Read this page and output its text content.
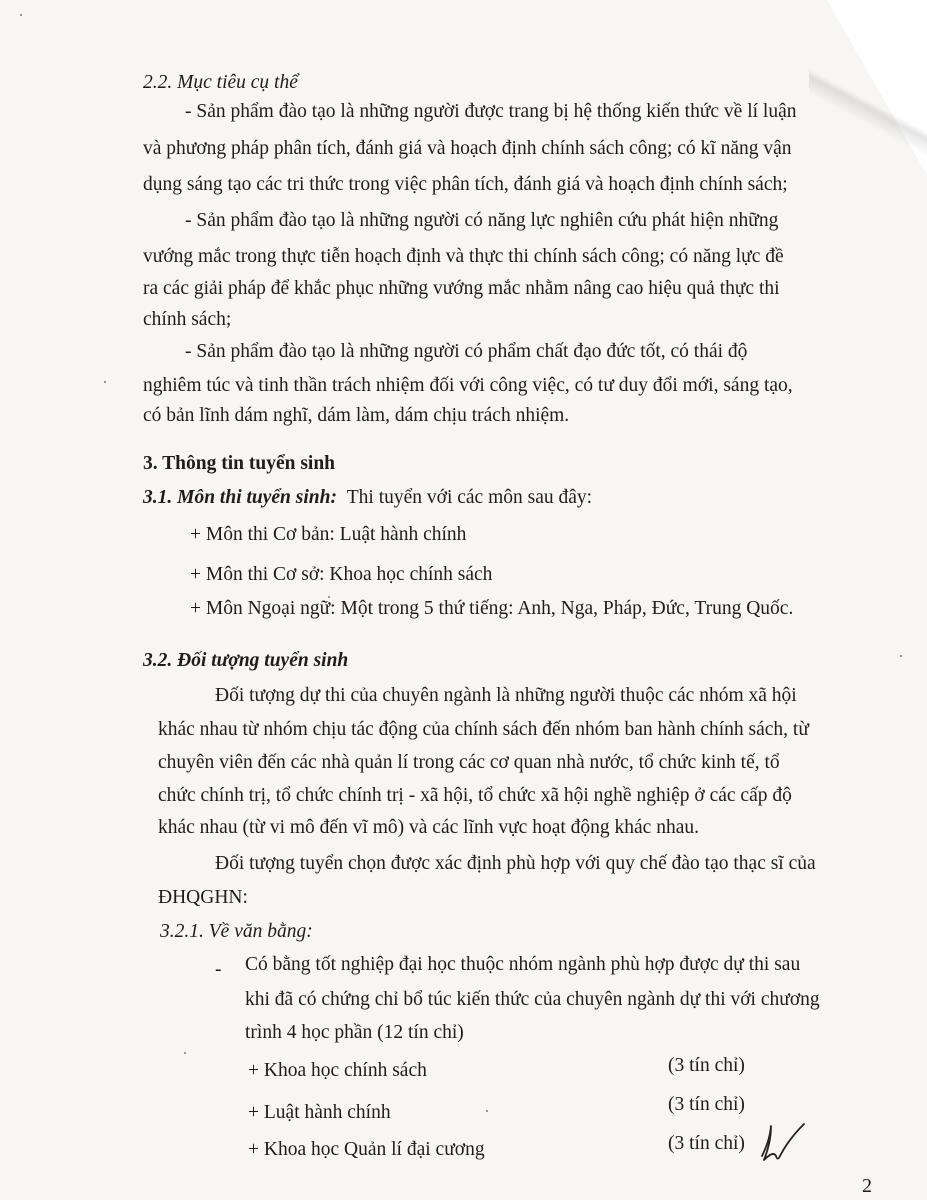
2.2. Mục tiêu cụ thể
- Sản phẩm đào tạo là những người được trang bị hệ thống kiến thức về lí luận
và phương pháp phân tích, đánh giá và hoạch định chính sách công; có kĩ năng vận
dụng sáng tạo các tri thức trong việc phân tích, đánh giá và hoạch định chính sách;
- Sản phẩm đào tạo là những người có năng lực nghiên cứu phát hiện những
vướng mắc trong thực tiễn hoạch định và thực thi chính sách công; có năng lực đề
ra các giải pháp để khắc phục những vướng mắc nhằm nâng cao hiệu quả thực thi
chính sách;
- Sản phẩm đào tạo là những người có phẩm chất đạo đức tốt, có thái độ
nghiêm túc và tinh thần trách nhiệm đối với công việc, có tư duy đổi mới, sáng tạo,
có bản lĩnh dám nghĩ, dám làm, dám chịu trách nhiệm.
3. Thông tin tuyển sinh
3.1. Môn thi tuyển sinh: Thi tuyển với các môn sau đây:
+ Môn thi Cơ bản: Luật hành chính
+ Môn thi Cơ sở: Khoa học chính sách
+ Môn Ngoại ngữ: Một trong 5 thứ tiếng: Anh, Nga, Pháp, Đức, Trung Quốc.
3.2. Đối tượng tuyển sinh
Đối tượng dự thi của chuyên ngành là những người thuộc các nhóm xã hội
khác nhau từ nhóm chịu tác động của chính sách đến nhóm ban hành chính sách, từ
chuyên viên đến các nhà quản lí trong các cơ quan nhà nước, tổ chức kinh tế, tổ
chức chính trị, tổ chức chính trị - xã hội, tổ chức xã hội nghề nghiệp ở các cấp độ
khác nhau (từ vi mô đến vĩ mô) và các lĩnh vực hoạt động khác nhau.
Đối tượng tuyển chọn được xác định phù hợp với quy chế đào tạo thạc sĩ của
ĐHQGHN:
3.2.1. Về văn bằng:
- Có bằng tốt nghiệp đại học thuộc nhóm ngành phù hợp được dự thi sau
khi đã có chứng chỉ bổ túc kiến thức của chuyên ngành dự thi với chương
trình 4 học phần (12 tín chỉ)
+ Khoa học chính sách	(3 tín chỉ)
+ Luật hành chính	(3 tín chỉ)
+ Khoa học Quản lí đại cương	(3 tín chỉ)
2
